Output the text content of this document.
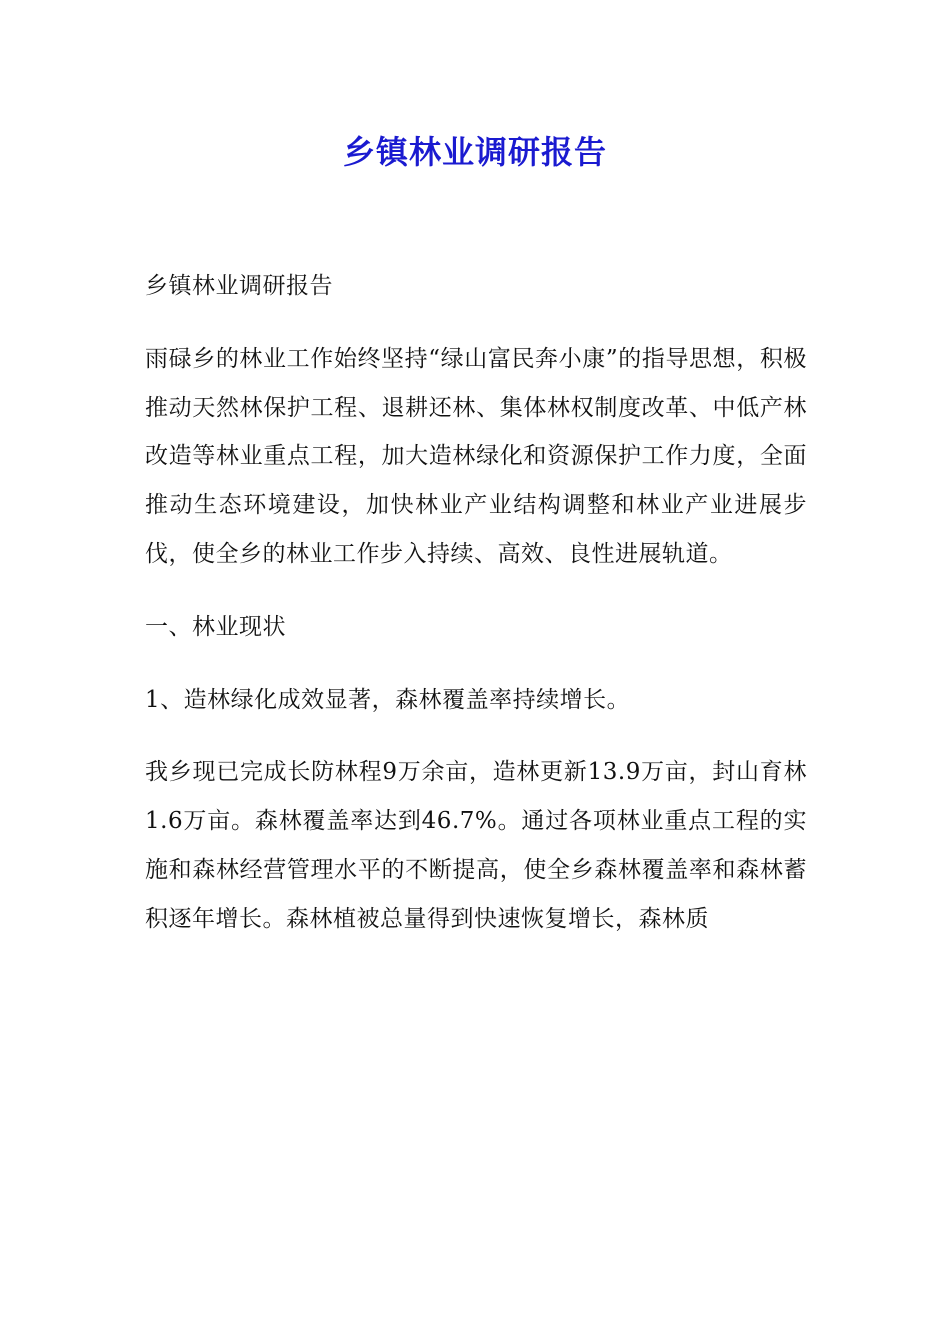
乡镇林业调研报告

乡镇林业调研报告

雨碌乡的林业工作始终坚持“绿山富民奔小康”的指导思想，积极推动天然林保护工程、退耕还林、集体林权制度改革、中低产林改造等林业重点工程，加大造林绿化和资源保护工作力度，全面推动生态环境建设，加快林业产业结构调整和林业产业进展步伐，使全乡的林业工作步入持续、高效、良性进展轨道。

一、林业现状

1、造林绿化成效显著，森林覆盖率持续增长。

我乡现已完成长防林程9万余亩，造林更新13.9万亩，封山育林1.6万亩。森林覆盖率达到46.7%。通过各项林业重点工程的实施和森林经营管理水平的不断提高，使全乡森林覆盖率和森林蓄积逐年增长。森林植被总量得到快速恢复增长，森林质
